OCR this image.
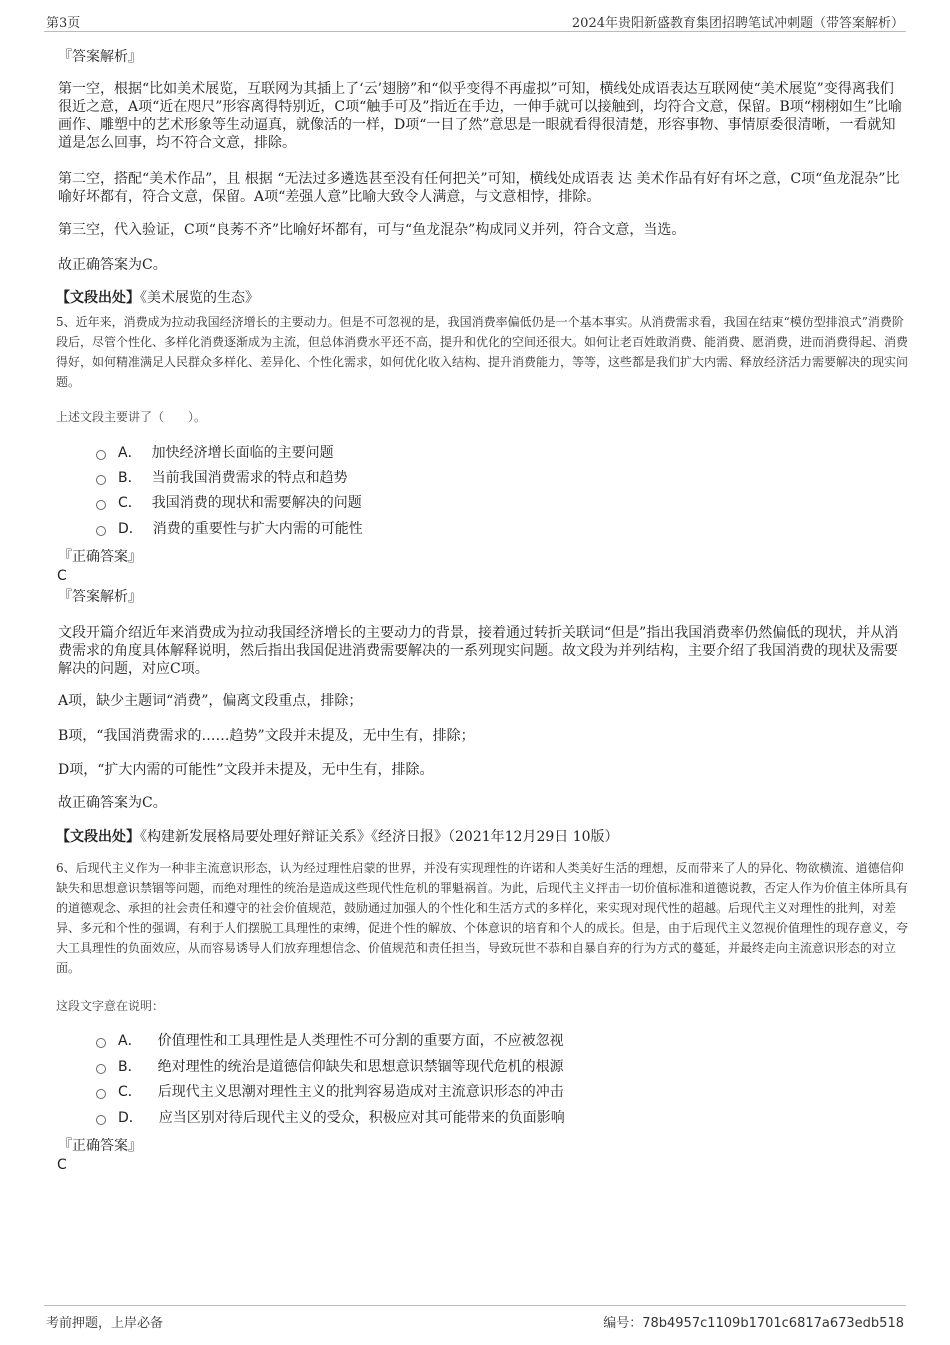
第3页	2024年贵阳新盛教育集团招聘笔试冲刺题（带答案解析）
『答案解析』

第一空，根据“比如美术展览，互联网为其插上了‘云’翅膀”和“似乎变得不再虚拟”可知，横线处成语表达互联网使“美术展览”变得离我们很近之意，A项“近在咫尺”形容离得特别近，C项“触手可及”指近在手边，一伸手就可以接触到，均符合文意，保留。B项“栩栩如生”比喻画作、雕塑中的艺术形象等生动逼真，就像活的一样，D项“一目了然”意思是一眼就看得很清楚，形容事物、事情原委很清晰，一看就知道是怎么回事，均不符合文意，排除。

第二空，搭配“美术作品”，且 根据 “无法过多遴选甚至没有任何把关”可知，横线处成语表 达 美术作品有好有坏之意，C项“鱼龙混杂”比喻好坏都有，符合文意，保留。A项“差强人意”比喻大致令人满意，与文意相悖，排除。

第三空，代入验证，C项“良莠不齐”比喻好坏都有，可与“鱼龙混杂”构成同义并列，符合文意，当选。

故正确答案为C。

【文段出处】《美术展览的生态》

5、近年来，消费成为拉动我国经济增长的主要动力。但是不可忽视的是，我国消费率偏低仍是一个基本事实。从消费需求看，我国在结束“模仿型排浪式”消费阶段后，尽管个性化、多样化消费逐渐成为主流，但总体消费水平还不高，提升和优化的空间还很大。如何让老百姓敢消费、能消费、愿消费，进而消费得起、消费得好，如何精准满足人民群众多样化、差异化、个性化需求，如何优化收入结构、提升消费能力，等等，这些都是我们扩大内需、释放经济活力需要解决的现实问题。

上述文段主要讲了（　　）。
A． 加快经济增长面临的主要问题
B． 当前我国消费需求的特点和趋势
C． 我国消费的现状和需要解决的问题
D． 消费的重要性与扩大内需的可能性
『正确答案』
C
『答案解析』

文段开篇介绍近年来消费成为拉动我国经济增长的主要动力的背景，接着通过转折关联词“但是”指出我国消费率仍然偏低的现状，并从消费需求的角度具体解释说明，然后指出我国促进消费需要解决的一系列现实问题。故文段为并列结构，主要介绍了我国消费的现状及需要解决的问题，对应C项。

A项，缺少主题词“消费”，偏离文段重点，排除；

B项，“我国消费需求的……趋势”文段并未提及，无中生有，排除；

D项，“扩大内需的可能性”文段并未提及，无中生有，排除。

故正确答案为C。

【文段出处】《构建新发展格局要处理好辩证关系》《经济日报》（2021年12月29日 10版）

6、后现代主义作为一种非主流意识形态，认为经过理性启蒙的世界，并没有实现理性的许诺和人类美好生活的理想，反而带来了人的异化、物欲横流、道德信仰缺失和思想意识禁锢等问题，而绝对理性的统治是造成这些现代性危机的罪魁祸首。为此，后现代主义抨击一切价值标准和道德说教，否定人作为价值主体所具有的道德观念、承担的社会责任和遵守的社会价值规范，鼓励通过加强人的个性化和生活方式的多样化，来实现对现代性的超越。后现代主义对理性的批判，对差异、多元和个性的强调，有利于人们摆脱工具理性的束缚，促进个性的解放、个体意识的培育和个人的成长。但是，由于后现代主义忽视价值理性的现存意义，夸大工具理性的负面效应，从而容易诱导人们放弃理想信念、价值规范和责任担当，导致玩世不恭和自暴自弃的行为方式的蔓延，并最终走向主流意识形态的对立面。

这段文字意在说明：
A． 价值理性和工具理性是人类理性不可分割的重要方面，不应被忽视
B． 绝对理性的统治是道德信仰缺失和思想意识禁锢等现代危机的根源
C． 后现代主义思潮对理性主义的批判容易造成对主流意识形态的冲击
D． 应当区别对待后现代主义的受众，积极应对其可能带来的负面影响
『正确答案』
C
考前押题，上岸必备	编号：78b4957c1109b1701c6817a673edb518
